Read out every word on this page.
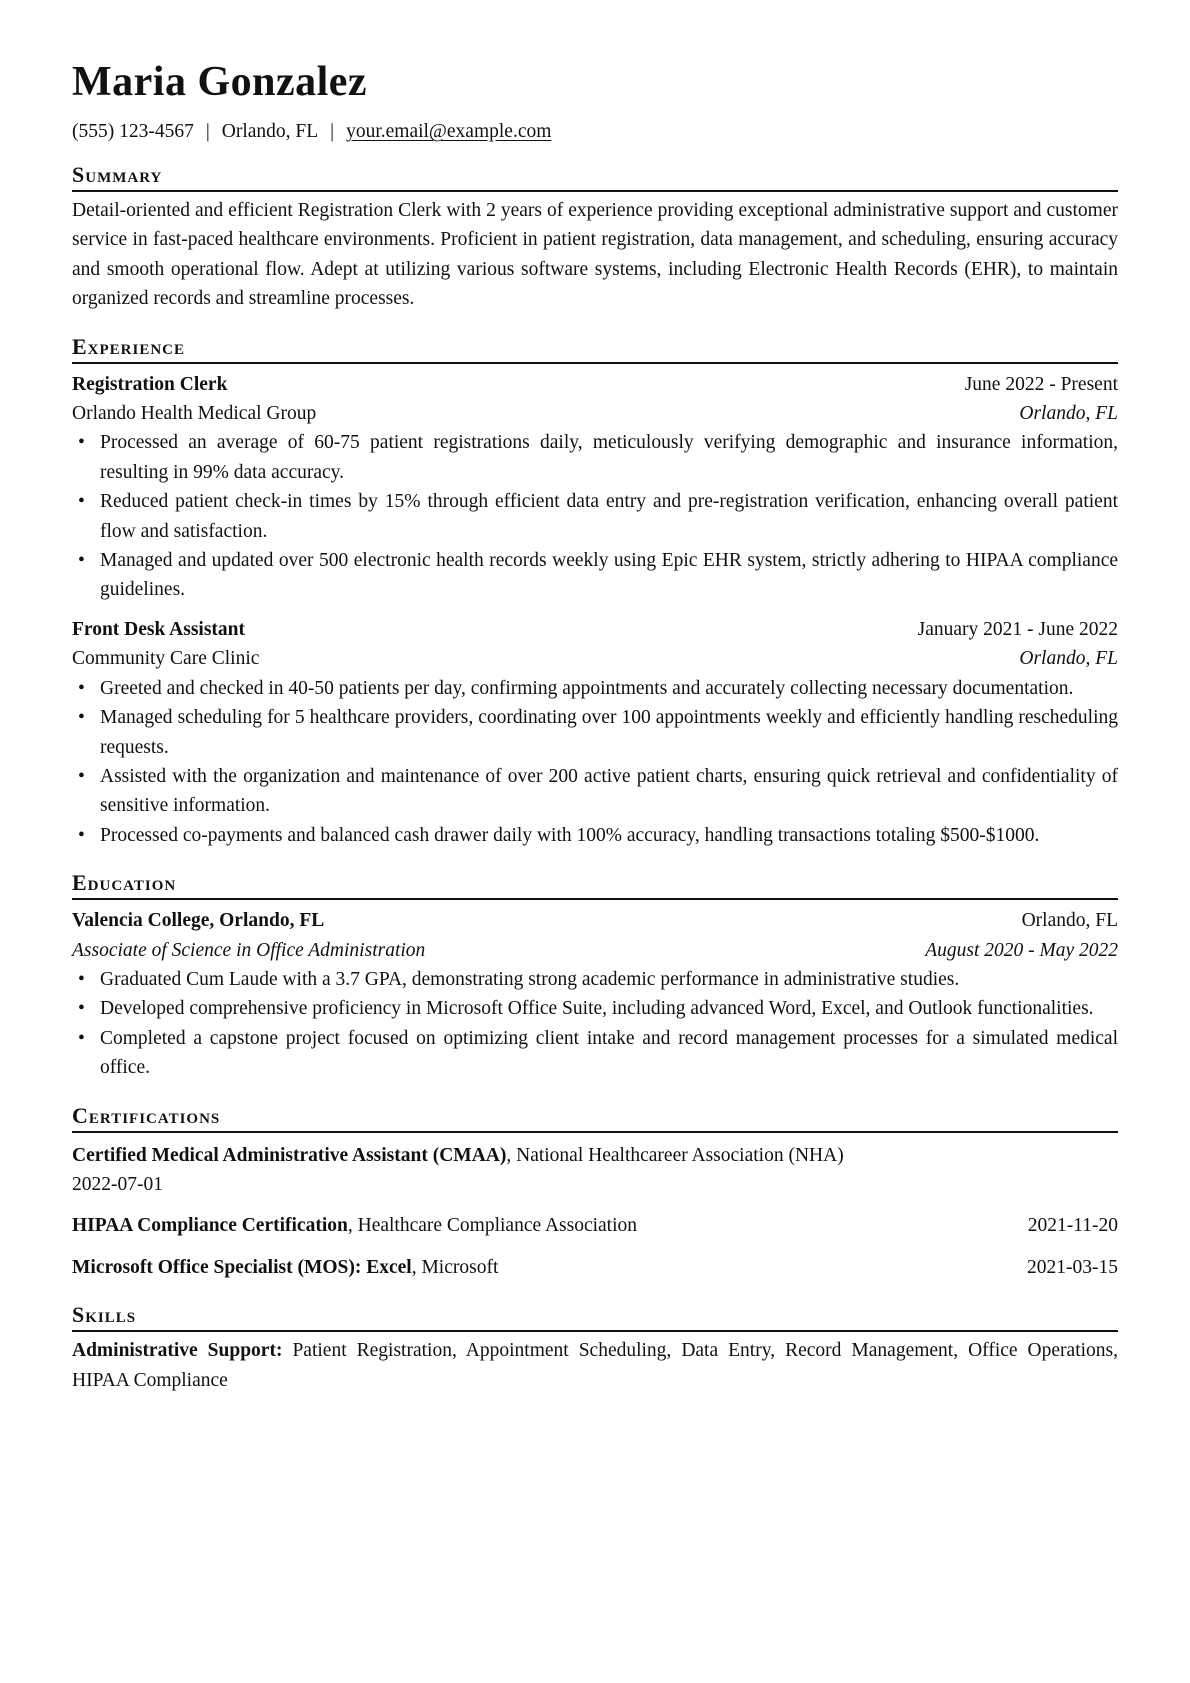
Maria Gonzalez
(555) 123-4567 | Orlando, FL | your.email@example.com
Summary
Detail-oriented and efficient Registration Clerk with 2 years of experience providing exceptional administrative support and customer service in fast-paced healthcare environments. Proficient in patient registration, data management, and scheduling, ensuring accuracy and smooth operational flow. Adept at utilizing various software systems, including Electronic Health Records (EHR), to maintain organized records and streamline processes.
Experience
Registration Clerk	June 2022 - Present
Orlando Health Medical Group	Orlando, FL
• Processed an average of 60-75 patient registrations daily, meticulously verifying demographic and insurance information, resulting in 99% data accuracy.
• Reduced patient check-in times by 15% through efficient data entry and pre-registration verification, enhancing overall patient flow and satisfaction.
• Managed and updated over 500 electronic health records weekly using Epic EHR system, strictly adhering to HIPAA compliance guidelines.
Front Desk Assistant	January 2021 - June 2022
Community Care Clinic	Orlando, FL
• Greeted and checked in 40-50 patients per day, confirming appointments and accurately collecting necessary documentation.
• Managed scheduling for 5 healthcare providers, coordinating over 100 appointments weekly and efficiently handling rescheduling requests.
• Assisted with the organization and maintenance of over 200 active patient charts, ensuring quick retrieval and confidentiality of sensitive information.
• Processed co-payments and balanced cash drawer daily with 100% accuracy, handling transactions totaling $500-$1000.
Education
Valencia College, Orlando, FL	Orlando, FL
Associate of Science in Office Administration	August 2020 - May 2022
• Graduated Cum Laude with a 3.7 GPA, demonstrating strong academic performance in administrative studies.
• Developed comprehensive proficiency in Microsoft Office Suite, including advanced Word, Excel, and Outlook functionalities.
• Completed a capstone project focused on optimizing client intake and record management processes for a simulated medical office.
Certifications
Certified Medical Administrative Assistant (CMAA), National Healthcareer Association (NHA)
2022-07-01
HIPAA Compliance Certification, Healthcare Compliance Association	2021-11-20
Microsoft Office Specialist (MOS): Excel, Microsoft	2021-03-15
Skills
Administrative Support: Patient Registration, Appointment Scheduling, Data Entry, Record Management, Office Operations, HIPAA Compliance
